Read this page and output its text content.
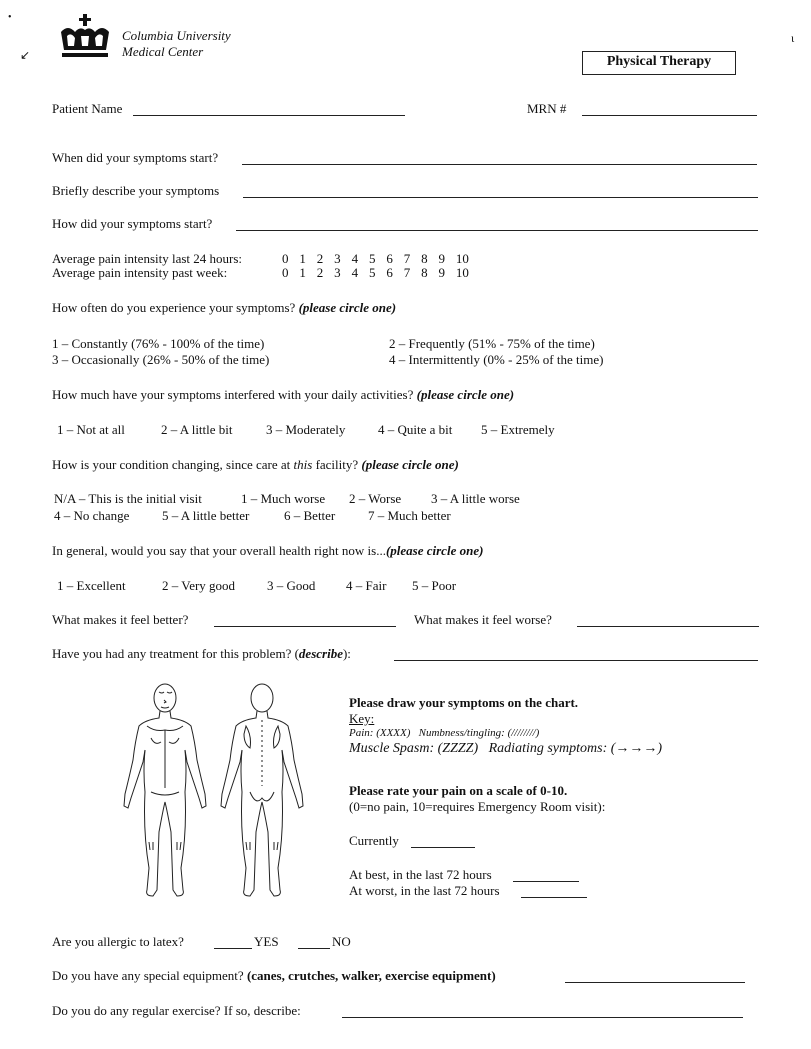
•
↙
ι
Columbia University
Medical Center
Physical Therapy
Patient Name	MRN #
When did your symptoms start?
Briefly describe your symptoms
How did your symptoms start?
Average pain intensity last 24 hours:	0 1 2 3 4 5 6 7 8 9 10
Average pain intensity past week:	0 1 2 3 4 5 6 7 8 9 10
How often do you experience your symptoms? (please circle one)
1 – Constantly (76% - 100% of the time)	2 – Frequently (51% - 75% of the time)
3 – Occasionally (26% - 50% of the time)	4 – Intermittently (0% - 25% of the time)
How much have your symptoms interfered with your daily activities? (please circle one)
1 – Not at all	2 – A little bit	3 – Moderately	4 – Quite a bit 5 – Extremely
How is your condition changing, since care at this facility? (please circle one)
N/A – This is the initial visit	1 – Much worse 2 – Worse 3 – A little worse
4 – No change	5 – A little better	6 – Better	7 – Much better
In general, would you say that your overall health right now is...(please circle one)
1 – Excellent	2 – Very good 3 – Good 4 – Fair 5 – Poor
What makes it feel better?	What makes it feel worse?
Have you had any treatment for this problem? (describe):
Please draw your symptoms on the chart.
Key:
Pain: (XXXX) Numbness/tingling: (////////)
Muscle Spasm: (ZZZZ) Radiating symptoms: (→→→)
Please rate your pain on a scale of 0-10.
(0=no pain, 10=requires Emergency Room visit):
Currently
At best, in the last 72 hours
At worst, in the last 72 hours
Are you allergic to latex?	YES	NO
Do you have any special equipment? (canes, crutches, walker, exercise equipment)
Do you do any regular exercise? If so, describe:
